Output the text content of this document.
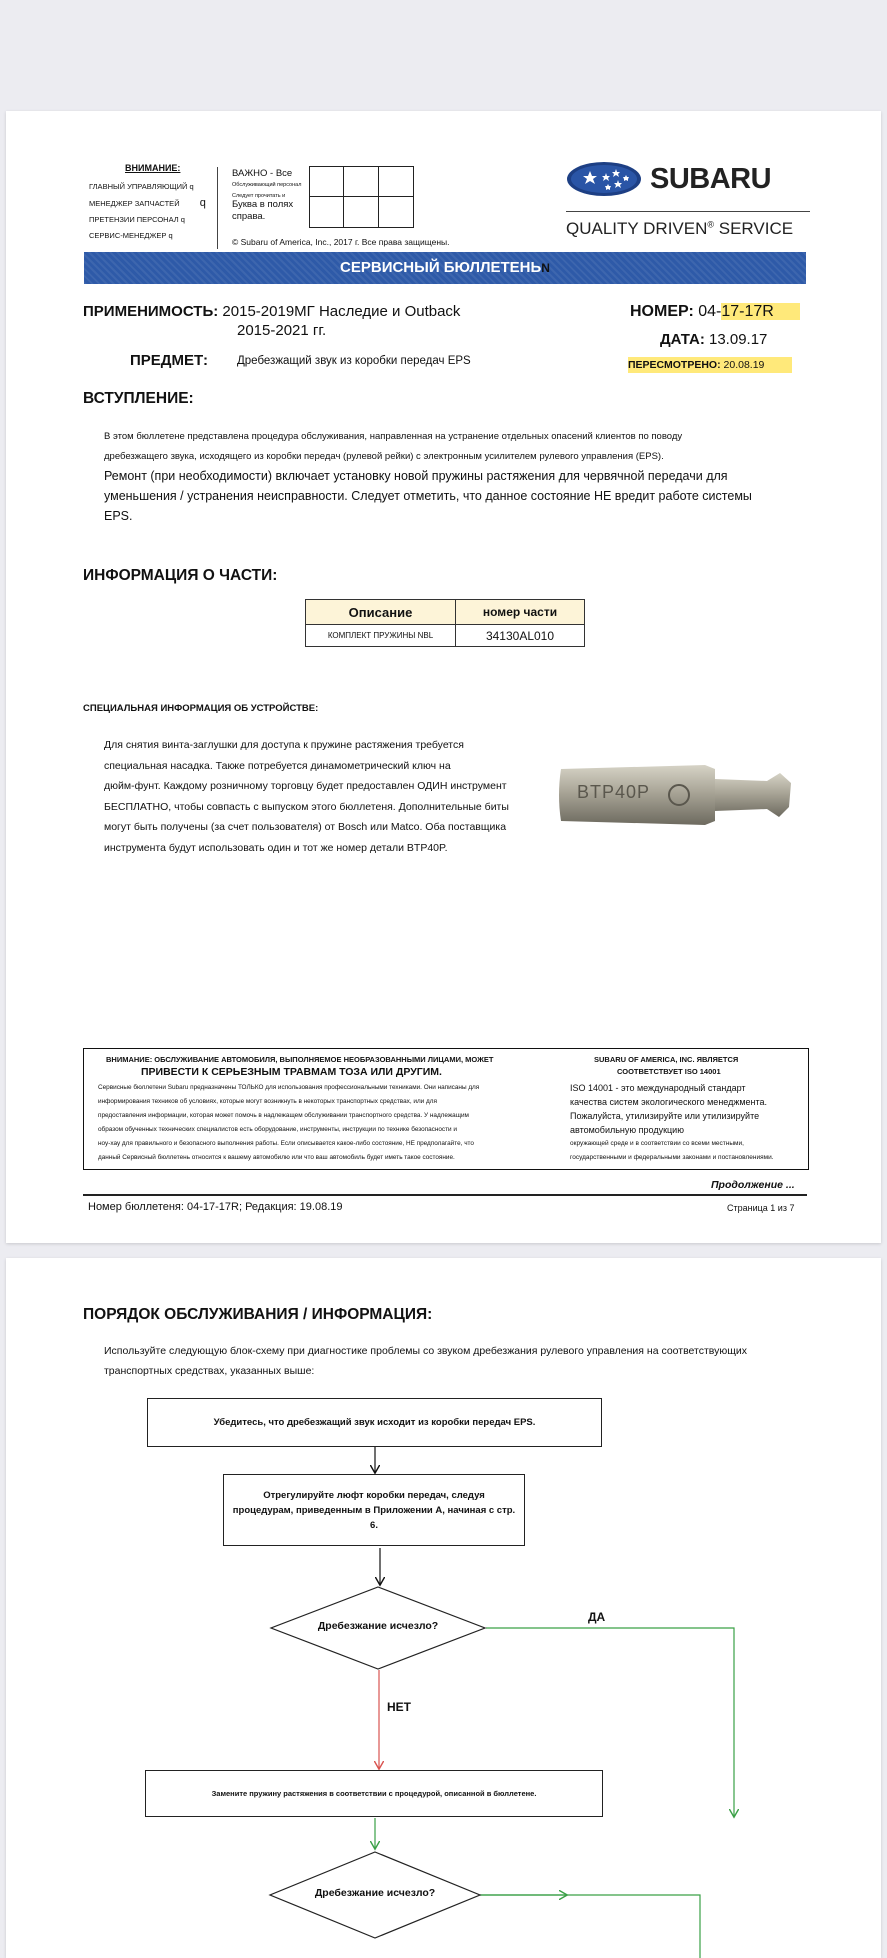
ВНИМАНИЕ:
ГЛАВНЫЙ УПРАВЛЯЮЩИЙ q
МЕНЕДЖЕР ЗАПЧАСТЕЙ q
ПРЕТЕНЗИИ ПЕРСОНАЛ q
СЕРВИС-МЕНЕДЖЕР q
ВАЖНО - Все
Обслуживающий персонал
Следует прочитать и
Буква в полях справа.
© Subaru of America, Inc., 2017 г. Все права защищены.
SUBARU
QUALITY DRIVEN® SERVICE
СЕРВИСНЫЙ БЮЛЛЕТЕНЬN
ПРИМЕНИМОСТЬ: 2015-2019МГ Наследие и Outback
2015-2021 гг.
ПРЕДМЕТ:	Дребезжащий звук из коробки передач EPS
НОМЕР: 04-17-17R
ДАТА: 13.09.17
ПЕРЕСМОТРЕНО: 20.08.19
ВСТУПЛЕНИЕ:
В этом бюллетене представлена процедура обслуживания, направленная на устранение отдельных опасений клиентов по поводу
дребезжащего звука, исходящего из коробки передач (рулевой рейки) с электронным усилителем рулевого управления (EPS).
Ремонт (при необходимости) включает установку новой пружины растяжения для червячной передачи для
уменьшения / устранения неисправности. Следует отметить, что данное состояние НЕ вредит работе системы
EPS.
ИНФОРМАЦИЯ О ЧАСТИ:
Описание	номер части
КОМПЛЕКТ ПРУЖИНЫ NBL	34130AL010
СПЕЦИАЛЬНАЯ ИНФОРМАЦИЯ ОБ УСТРОЙСТВЕ:
Для снятия винта-заглушки для доступа к пружине растяжения требуется
специальная насадка. Также потребуется динамометрический ключ на
дюйм-фунт. Каждому розничному торговцу будет предоставлен ОДИН инструмент
БЕСПЛАТНО, чтобы совпасть с выпуском этого бюллетеня. Дополнительные биты
могут быть получены (за счет пользователя) от Bosch или Matco. Оба поставщика
инструмента будут использовать один и тот же номер детали BTP40P.
BTP40P
ВНИМАНИЕ: ОБСЛУЖИВАНИЕ АВТОМОБИЛЯ, ВЫПОЛНЯЕМОЕ НЕОБРАЗОВАННЫМИ ЛИЦАМИ, МОЖЕТ
ПРИВЕСТИ К СЕРЬЕЗНЫМ ТРАВМАМ ТОЗА ИЛИ ДРУГИМ.
Сервисные бюллетени Subaru предназначены ТОЛЬКО для использования профессиональными техниками. Они написаны для
информирования техников об условиях, которые могут возникнуть в некоторых транспортных средствах, или для
предоставления информации, которая может помочь в надлежащем обслуживании транспортного средства. У надлежащим
образом обученных технических специалистов есть оборудование, инструменты, инструкции по технике безопасности и
ноу-хау для правильного и безопасного выполнения работы. Если описывается какое-либо состояние, НЕ предполагайте, что
данный Сервисный бюллетень относится к вашему автомобилю или что ваш автомобиль будет иметь такое состояние.
SUBARU OF AMERICA, INC. ЯВЛЯЕТСЯ
СООТВЕТСТВУЕТ ISO 14001
ISO 14001 - это международный стандарт
качества систем экологического менеджмента.
Пожалуйста, утилизируйте или утилизируйте
автомобильную продукцию
окружающей среде и в соответствии со всеми местными,
государственными и федеральными законами и постановлениями.
Продолжение ...
Номер бюллетеня: 04-17-17R; Редакция: 19.08.19	Страница 1 из 7
ПОРЯДОК ОБСЛУЖИВАНИЯ / ИНФОРМАЦИЯ:
Используйте следующую блок-схему при диагностике проблемы со звуком дребезжания рулевого управления на соответствующих
транспортных средствах, указанных выше:
Убедитесь, что дребезжащий звук исходит из коробки передач EPS.
Отрегулируйте люфт коробки передач, следуя процедурам, приведенным в Приложении А, начиная с стр. 6.
Дребезжание исчезло?
ДА
НЕТ
Замените пружину растяжения в соответствии с процедурой, описанной в бюллетене.
Дребезжание исчезло?
